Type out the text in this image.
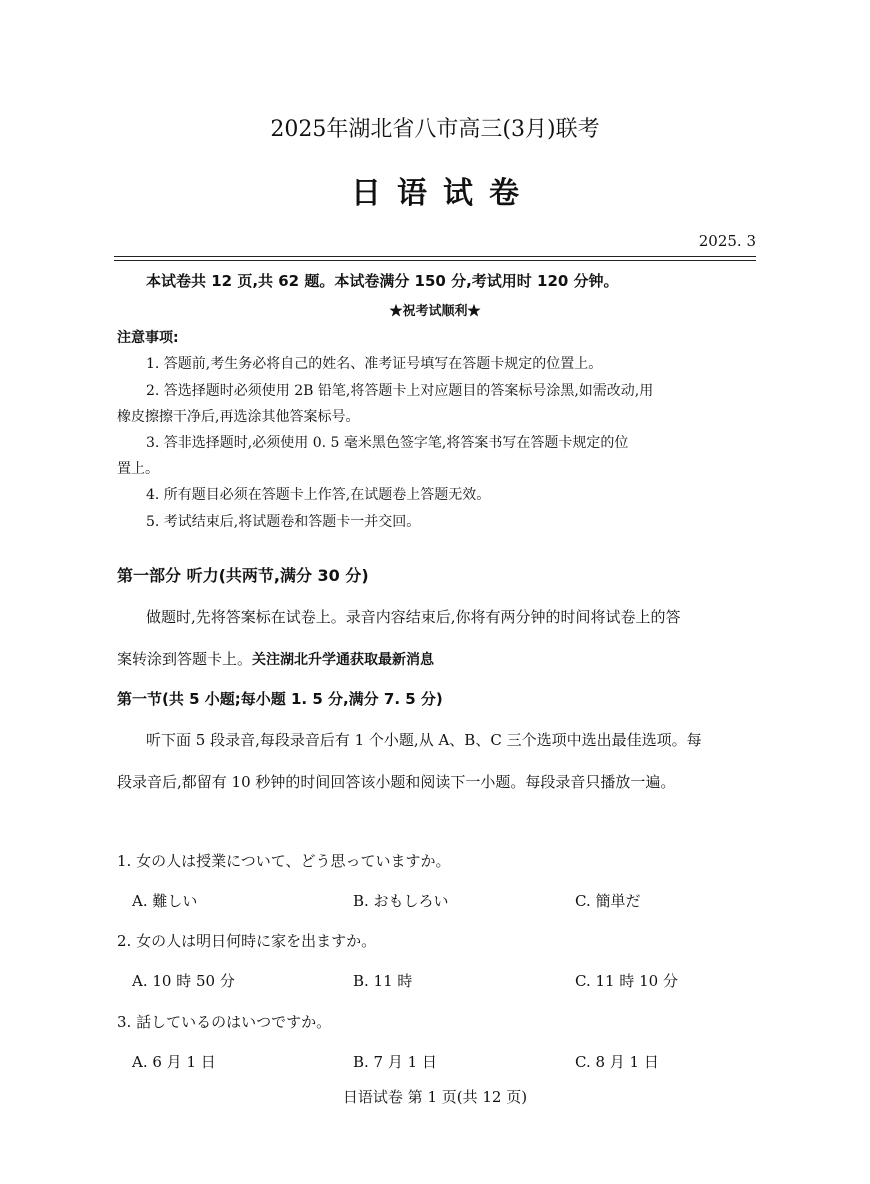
2025年湖北省八市高三(3月)联考
日语试卷
2025. 3
本试卷共 12 页,共 62 题。本试卷满分 150 分,考试用时 120 分钟。
★祝考试顺利★
注意事项:
1. 答题前,考生务必将自己的姓名、准考证号填写在答题卡规定的位置上。
2. 答选择题时必须使用 2B 铅笔,将答题卡上对应题目的答案标号涂黑,如需改动,用
橡皮擦擦干净后,再选涂其他答案标号。
3. 答非选择题时,必须使用 0. 5 毫米黑色签字笔,将答案书写在答题卡规定的位
置上。
4. 所有题目必须在答题卡上作答,在试题卷上答题无效。
5. 考试结束后,将试题卷和答题卡一并交回。
第一部分 听力(共两节,满分 30 分)
做题时,先将答案标在试卷上。录音内容结束后,你将有两分钟的时间将试卷上的答
案转涂到答题卡上。关注湖北升学通获取最新消息
第一节(共 5 小题;每小题 1. 5 分,满分 7. 5 分)
听下面 5 段录音,每段录音后有 1 个小题,从 A、B、C 三个选项中选出最佳选项。每
段录音后,都留有 10 秒钟的时间回答该小题和阅读下一小题。每段录音只播放一遍。
1. 女の人は授業について、どう思っていますか。
A. 難しい	B. おもしろい	C. 簡単だ
2. 女の人は明日何時に家を出ますか。
A. 10 時 50 分	B. 11 時	C. 11 時 10 分
3. 話しているのはいつですか。
A. 6 月 1 日	B. 7 月 1 日	C. 8 月 1 日
日语试卷 第 1 页(共 12 页)
